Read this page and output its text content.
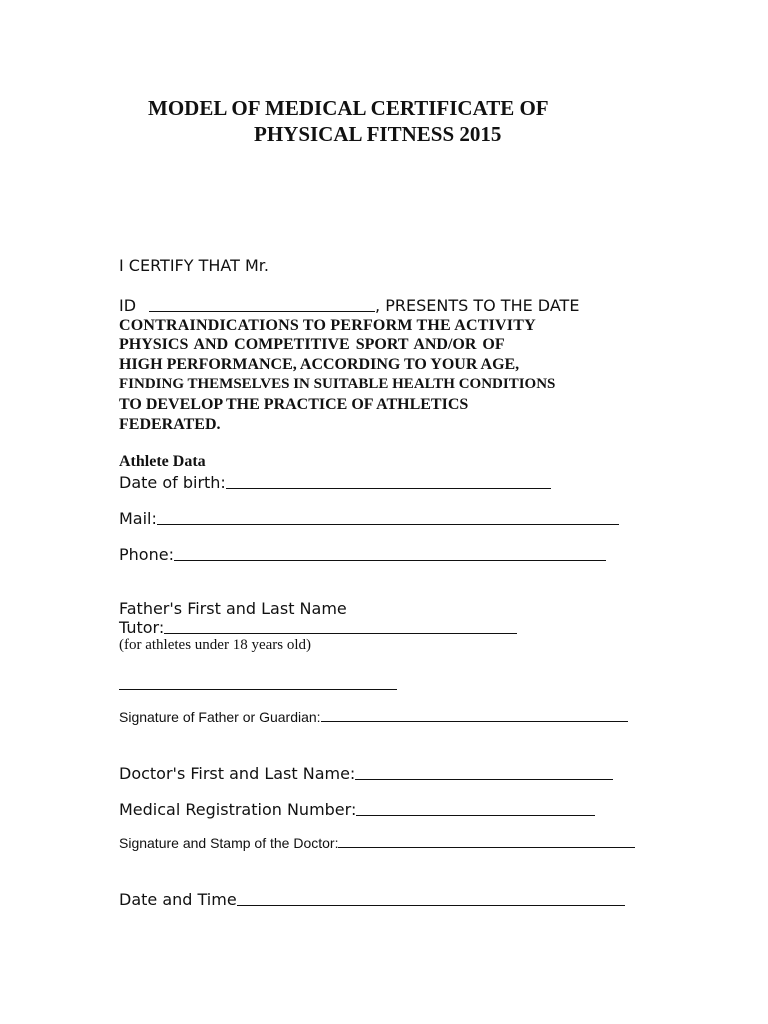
MODEL OF MEDICAL CERTIFICATE OF
PHYSICAL FITNESS 2015
I CERTIFY THAT Mr.
ID	, PRESENTS TO THE DATE
CONTRAINDICATIONS TO PERFORM THE ACTIVITY
PHYSICS AND COMPETITIVE SPORT AND/OR OF
HIGH PERFORMANCE, ACCORDING TO YOUR AGE,
FINDING THEMSELVES IN SUITABLE HEALTH CONDITIONS
TO DEVELOP THE PRACTICE OF ATHLETICS
FEDERATED.
Athlete Data
Date of birth:
Mail:
Phone:
Father's First and Last Name
Tutor:
(for athletes under 18 years old)
Signature of Father or Guardian:
Doctor's First and Last Name:
Medical Registration Number:
Signature and Stamp of the Doctor:
Date and Time
